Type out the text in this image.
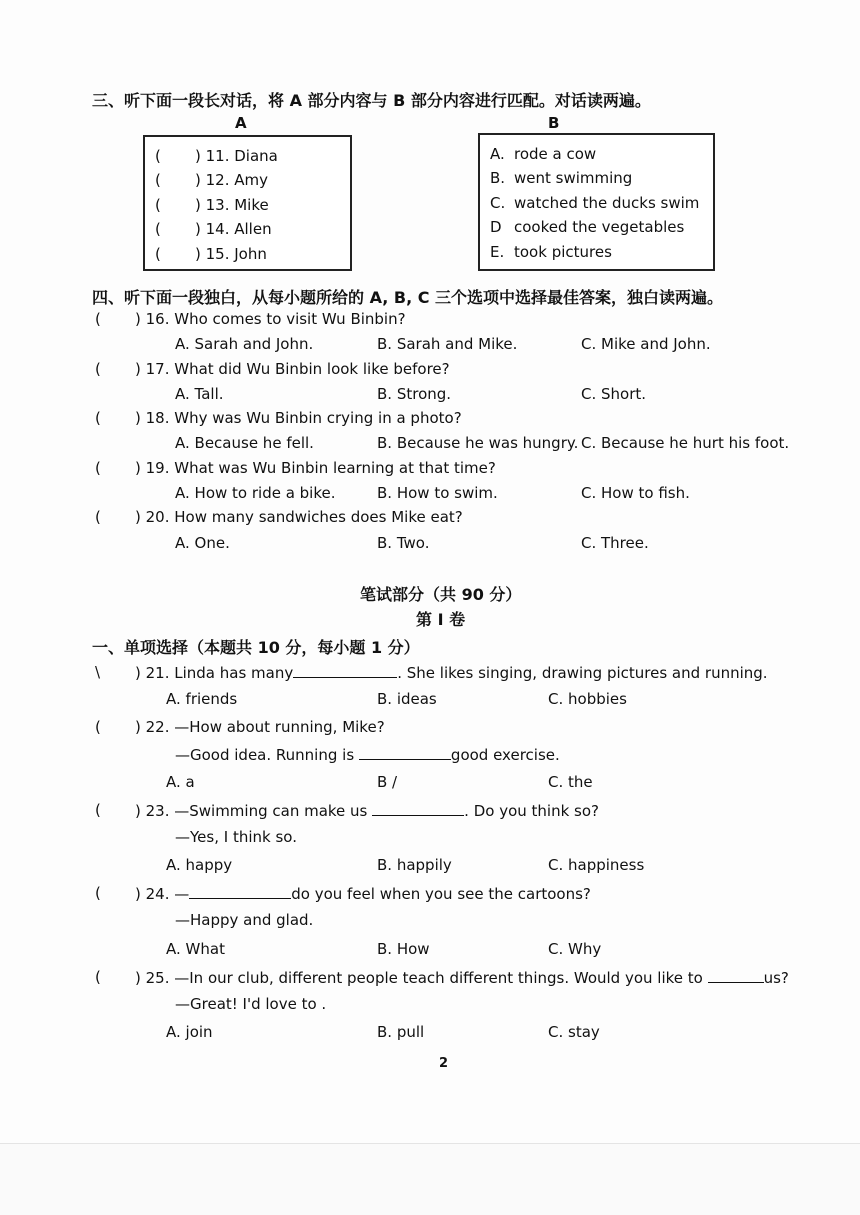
三、听下面一段长对话，将 A 部分内容与 B 部分内容进行匹配。对话读两遍。
A	B
( ) 11. Diana
( ) 12. Amy
( ) 13. Mike
( ) 14. Allen
( ) 15. John
A. rode a cow
B. went swimming
C. watched the ducks swim
D cooked the vegetables
E. took pictures
四、听下面一段独白，从每小题所给的 A, B, C 三个选项中选择最佳答案，独白读两遍。
( ) 16. Who comes to visit Wu Binbin?
A. Sarah and John.	B. Sarah and Mike.	C. Mike and John.
( ) 17. What did Wu Binbin look like before?
A. Tall.	B. Strong.	C. Short.
( ) 18. Why was Wu Binbin crying in a photo?
A. Because he fell.	B. Because he was hungry. C. Because he hurt his foot.
( ) 19. What was Wu Binbin learning at that time?
A. How to ride a bike.	B. How to swim.	C. How to fish.
( ) 20. How many sandwiches does Mike eat?
A. One.	B. Two.	C. Three.
笔试部分（共 90 分）
第 I 卷
一、单项选择（本题共 10 分，每小题 1 分）
\ ) 21. Linda has many	. She likes singing, drawing pictures and running.
A. friends	B. ideas	C. hobbies
( ) 22. —How about running, Mike?
—Good idea. Running is	good exercise.
A. a	B /	C. the
( ) 23. —Swimming can make us	. Do you think so?
—Yes, I think so.
A. happy	B. happily	C. happiness
( ) 24. —	do you feel when you see the cartoons?
—Happy and glad.
A. What	B. How	C. Why
( ) 25. —In our club, different people teach different things. Would you like to	us?
—Great! I'd love to .
A. join	B. pull	C. stay
2
